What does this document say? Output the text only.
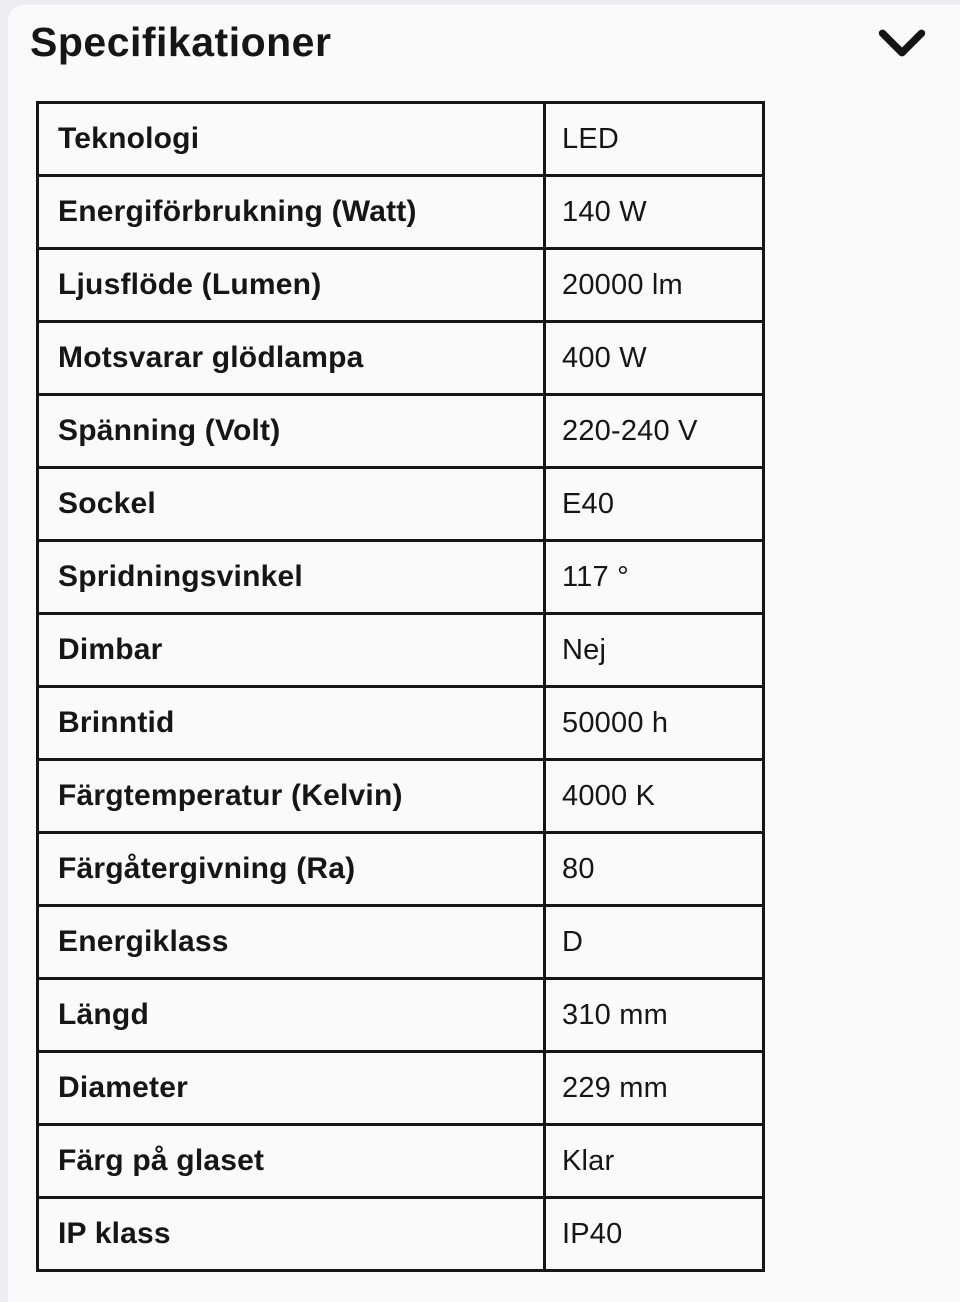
Specifikationer
Teknologi	LED
Energiförbrukning (Watt)	140 W
Ljusflöde (Lumen)	20000 lm
Motsvarar glödlampa	400 W
Spänning (Volt)	220-240 V
Sockel	E40
Spridningsvinkel	117 °
Dimbar	Nej
Brinntid	50000 h
Färgtemperatur (Kelvin)	4000 K
Färgåtergivning (Ra)	80
Energiklass	D
Längd	310 mm
Diameter	229 mm
Färg på glaset	Klar
IP klass	IP40
